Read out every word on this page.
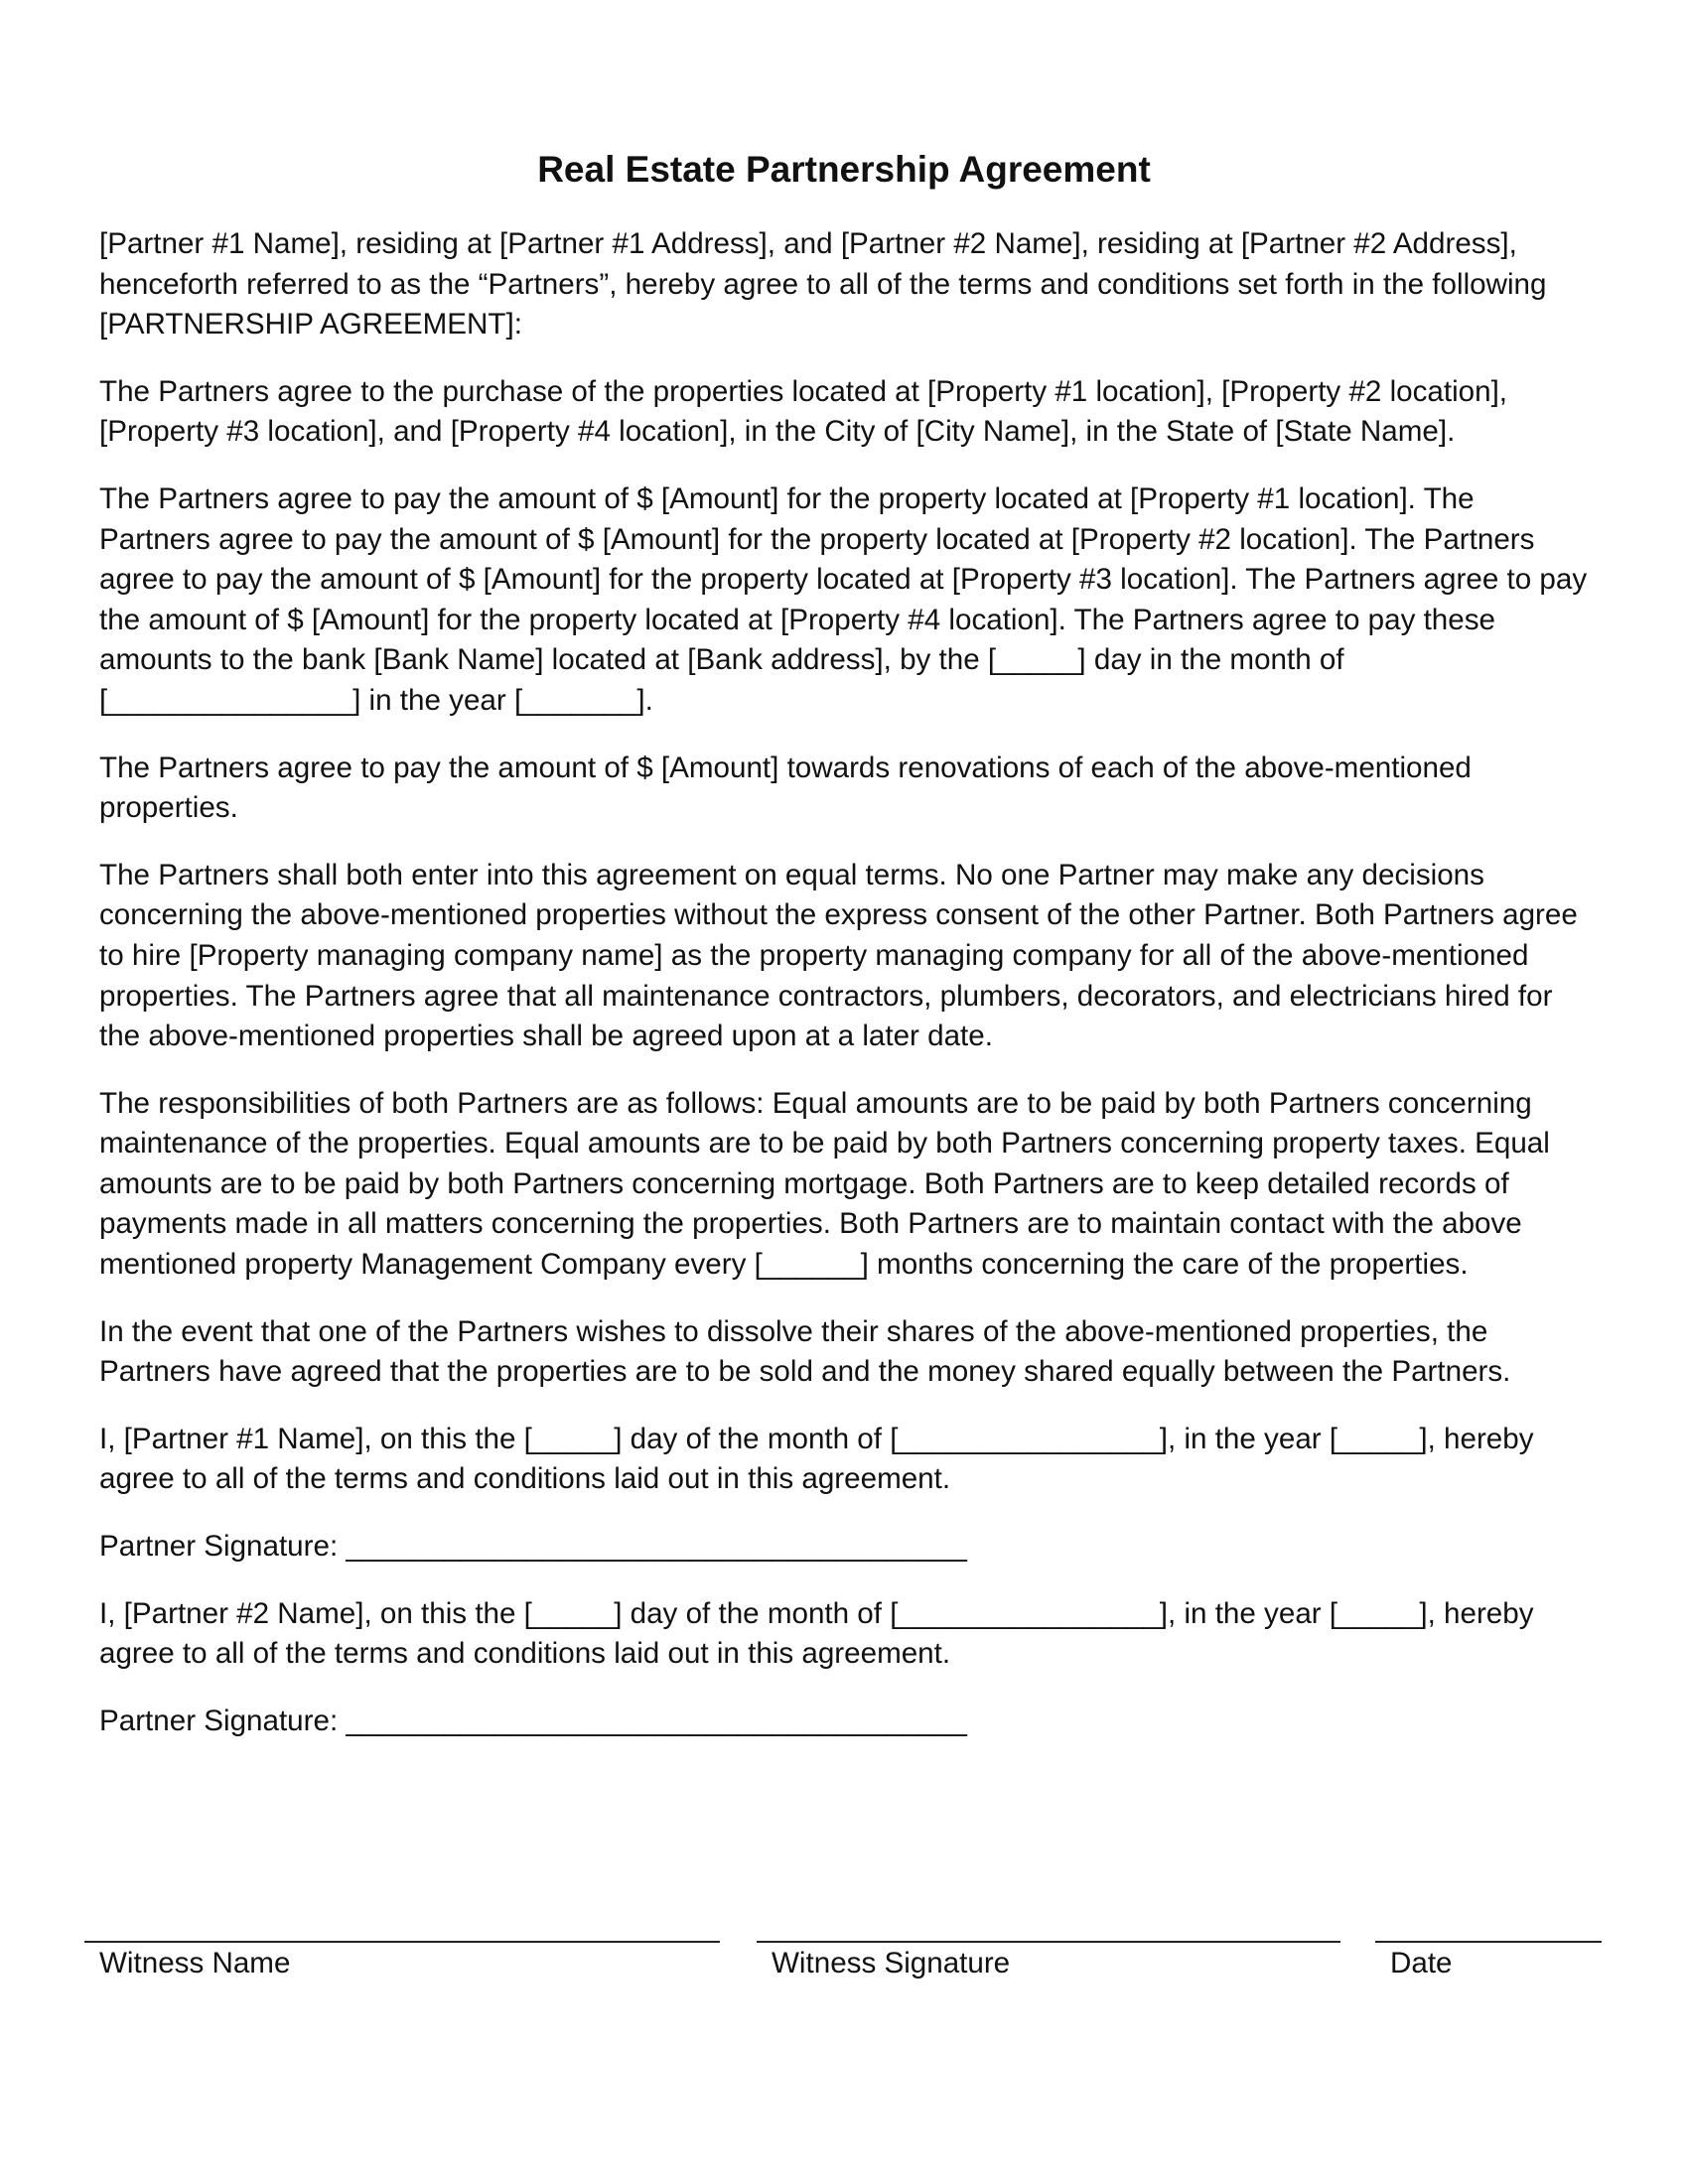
Real Estate Partnership Agreement

[Partner #1 Name], residing at [Partner #1 Address], and [Partner #2 Name], residing at [Partner #2 Address], henceforth referred to as the “Partners”, hereby agree to all of the terms and conditions set forth in the following [PARTNERSHIP AGREEMENT]:

The Partners agree to the purchase of the properties located at [Property #1 location], [Property #2 location], [Property #3 location], and [Property #4 location], in the City of [City Name], in the State of [State Name].

The Partners agree to pay the amount of $ [Amount] for the property located at [Property #1 location]. The Partners agree to pay the amount of $ [Amount] for the property located at [Property #2 location]. The Partners agree to pay the amount of $ [Amount] for the property located at [Property #3 location]. The Partners agree to pay the amount of $ [Amount] for the property located at [Property #4 location]. The Partners agree to pay these amounts to the bank [Bank Name] located at [Bank address], by the [_____] day in the month of [_______________] in the year [_______].

The Partners agree to pay the amount of $ [Amount] towards renovations of each of the above-mentioned properties.

The Partners shall both enter into this agreement on equal terms. No one Partner may make any decisions concerning the above-mentioned properties without the express consent of the other Partner. Both Partners agree to hire [Property managing company name] as the property managing company for all of the above-mentioned properties. The Partners agree that all maintenance contractors, plumbers, decorators, and electricians hired for the above-mentioned properties shall be agreed upon at a later date.

The responsibilities of both Partners are as follows: Equal amounts are to be paid by both Partners concerning maintenance of the properties. Equal amounts are to be paid by both Partners concerning property taxes. Equal amounts are to be paid by both Partners concerning mortgage. Both Partners are to keep detailed records of payments made in all matters concerning the properties. Both Partners are to maintain contact with the above mentioned property Management Company every [______] months concerning the care of the properties.

In the event that one of the Partners wishes to dissolve their shares of the above-mentioned properties, the Partners have agreed that the properties are to be sold and the money shared equally between the Partners.

I, [Partner #1 Name], on this the [_____] day of the month of [________________], in the year [_____], hereby agree to all of the terms and conditions laid out in this agreement.

Partner Signature: ______________________________________

I, [Partner #2 Name], on this the [_____] day of the month of [________________], in the year [_____], hereby agree to all of the terms and conditions laid out in this agreement.

Partner Signature: ______________________________________

Witness Name	Witness Signature	Date
